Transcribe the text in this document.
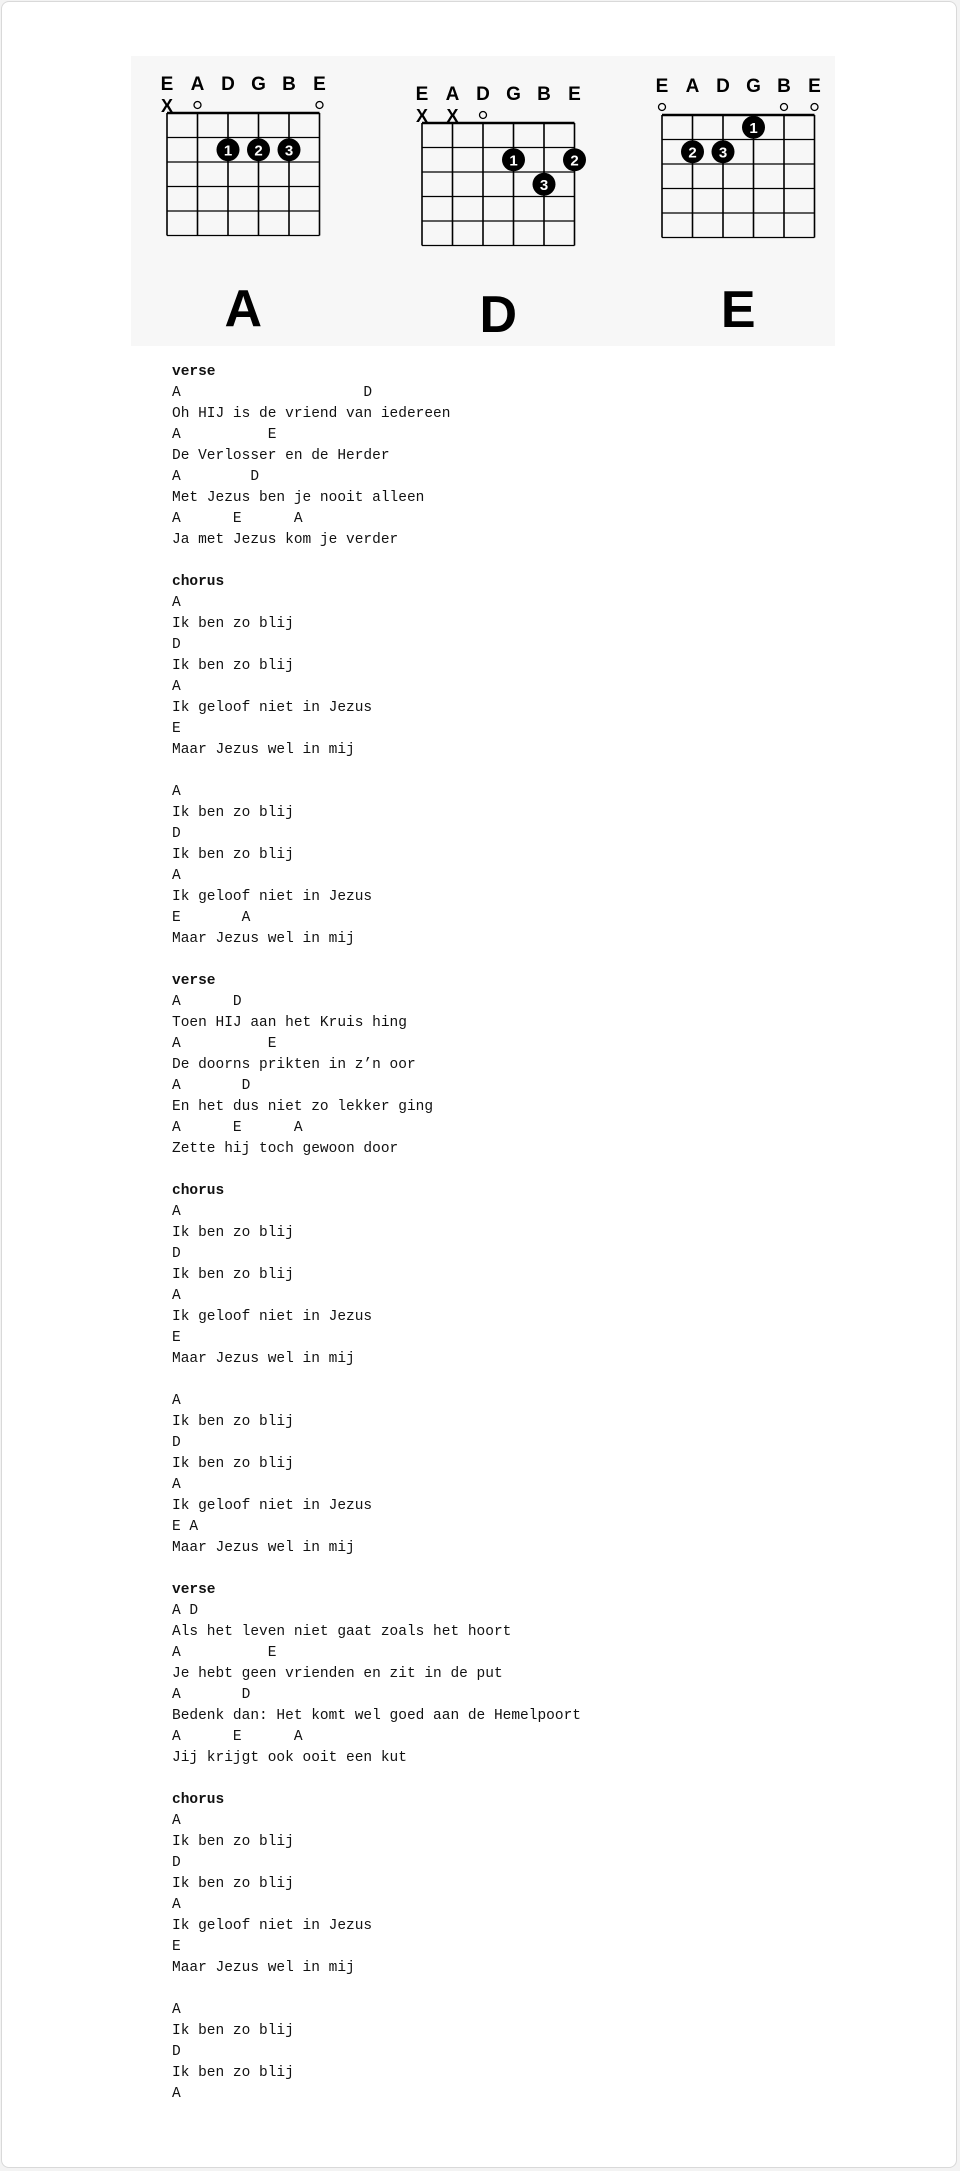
E A D G B E
X
1 2 3
A
E A D G B E
X X
1	2
3
D
E A D G B E
1
2 3
E
verse
A                     D
Oh HIJ is de vriend van iedereen
A          E
De Verlosser en de Herder
A        D
Met Jezus ben je nooit alleen
A      E      A
Ja met Jezus kom je verder
chorus
A
Ik ben zo blij
D
Ik ben zo blij
A
Ik geloof niet in Jezus
E
Maar Jezus wel in mij
A
Ik ben zo blij
D
Ik ben zo blij
A
Ik geloof niet in Jezus
E       A
Maar Jezus wel in mij
verse
A      D
Toen HIJ aan het Kruis hing
A          E
De doorns prikten in z’n oor
A       D
En het dus niet zo lekker ging
A      E      A
Zette hij toch gewoon door
chorus
A
Ik ben zo blij
D
Ik ben zo blij
A
Ik geloof niet in Jezus
E
Maar Jezus wel in mij
A
Ik ben zo blij
D
Ik ben zo blij
A
Ik geloof niet in Jezus
E A
Maar Jezus wel in mij
verse
A D
Als het leven niet gaat zoals het hoort
A          E
Je hebt geen vrienden en zit in de put
A       D
Bedenk dan: Het komt wel goed aan de Hemelpoort
A      E      A
Jij krijgt ook ooit een kut
chorus
A
Ik ben zo blij
D
Ik ben zo blij
A
Ik geloof niet in Jezus
E
Maar Jezus wel in mij
A
Ik ben zo blij
D
Ik ben zo blij
A
